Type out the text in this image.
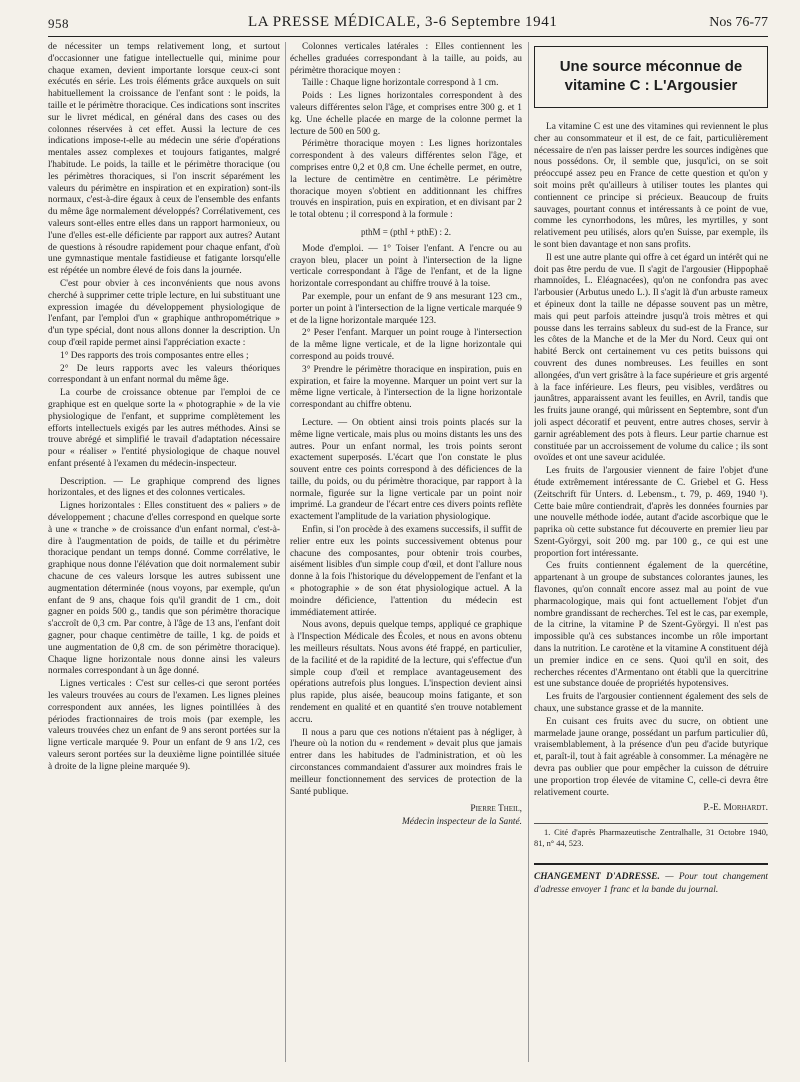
958	LA PRESSE MÉDICALE, 3-6 Septembre 1941	Nos 76-77

de nécessiter un temps relativement long, et surtout d'occasionner une fatigue intellectuelle qui, minime pour chaque examen, devient importante lorsque ceux-ci sont exécutés en série. Les trois éléments grâce auxquels on suit habituellement la croissance de l'enfant sont : le poids, la taille et le périmètre thoracique. Ces indications sont inscrites sur le livret médical, en général dans des cases ou des colonnes réservées à cet effet. Aussi la lecture de ces indications impose-t-elle au médecin une série d'opérations mentales assez complexes et toujours fatigantes, malgré l'habitude. Le poids, la taille et le périmètre thoracique (ou les périmètres thoraciques, si l'on inscrit séparément les valeurs du périmètre en inspiration et en expiration) sont-ils normaux, c'est-à-dire égaux à ceux de l'ensemble des enfants du même âge normalement développés? Corrélativement, ces valeurs sont-elles entre elles dans un rapport harmonieux, ou l'une d'elles est-elle déficiente par rapport aux autres? Autant de questions à résoudre rapidement pour chaque enfant, d'où une gymnastique mentale fastidieuse et fatigante lorsqu'elle est répétée un nombre élevé de fois dans la journée.

C'est pour obvier à ces inconvénients que nous avons cherché à supprimer cette triple lecture, en lui substituant une expression imagée du développement physiologique de l'enfant, par l'emploi d'un « graphique anthropométrique » d'un type spécial, dont nous allons donner la description. Un coup d'œil rapide permet ainsi l'appréciation exacte :

1° Des rapports des trois composantes entre elles ;

2° De leurs rapports avec les valeurs théoriques correspondant à un enfant normal du même âge.

La courbe de croissance obtenue par l'emploi de ce graphique est en quelque sorte la « photographie » de la vie physiologique de l'enfant, et supprime complètement les efforts intellectuels exigés par les autres méthodes. Ainsi se trouve abrégé et simplifié le travail d'adaptation nécessaire pour « réaliser » l'entité physiologique de chaque nouvel enfant présenté à l'examen du médecin-inspecteur.

Description. — Le graphique comprend des lignes horizontales, et des lignes et des colonnes verticales.

Lignes horizontales : Elles constituent des « paliers » de développement ; chacune d'elles correspond en quelque sorte à une « tranche » de croissance d'un enfant normal, c'est-à-dire à l'augmentation de poids, de taille et du périmètre thoracique pendant un temps donné. Comme corrélative, le graphique nous donne l'élévation que doit normalement subir chacune de ces valeurs lorsque les autres subissent une augmentation déterminée (nous voyons, par exemple, qu'un enfant de 9 ans, chaque fois qu'il grandit de 1 cm., doit gagner en poids 500 g., tandis que son périmètre thoracique s'accroît de 0,3 cm. Par contre, à l'âge de 13 ans, l'enfant doit gagner, pour chaque centimètre de taille, 1 kg. de poids et une augmentation de 0,8 cm. de son périmètre thoracique). Chaque ligne horizontale nous donne ainsi les valeurs normales correspondant à un âge donné.

Lignes verticales : C'est sur celles-ci que seront portées les valeurs trouvées au cours de l'examen. Les lignes pleines correspondent aux années, les lignes pointillées à des périodes fractionnaires de trois mois (par exemple, les valeurs trouvées chez un enfant de 9 ans seront portées sur la ligne verticale marquée 9. Pour un enfant de 9 ans 1/2, ces valeurs seront portées sur la deuxième ligne pointillée située à droite de la ligne pleine marquée 9).

Colonnes verticales latérales : Elles contiennent les échelles graduées correspondant à la taille, au poids, au périmètre thoracique moyen :

Taille : Chaque ligne horizontale correspond à 1 cm.

Poids : Les lignes horizontales correspondent à des valeurs différentes selon l'âge, et comprises entre 300 g. et 1 kg. Une échelle placée en marge de la colonne permet la lecture de 500 en 500 g.

Périmètre thoracique moyen : Les lignes horizontales correspondent à des valeurs différentes selon l'âge, et comprises entre 0,2 et 0,8 cm. Une échelle permet, en outre, la lecture de centimètre en centimètre. Le périmètre thoracique moyen s'obtient en additionnant les chiffres trouvés en inspiration, puis en expiration, et en divisant par 2 le total obtenu ; il correspond à la formule :

pthM = (pthI + pthE) : 2.

Mode d'emploi. — 1° Toiser l'enfant. A l'encre ou au crayon bleu, placer un point à l'intersection de la ligne verticale correspondant à l'âge de l'enfant, et de la ligne horizontale correspondant au chiffre trouvé à la toise.

Par exemple, pour un enfant de 9 ans mesurant 123 cm., porter un point à l'intersection de la ligne verticale marquée 9 et de la ligne horizontale marquée 123.

2° Peser l'enfant. Marquer un point rouge à l'intersection de la même ligne verticale, et de la ligne horizontale qui correspond au poids trouvé.

3° Prendre le périmètre thoracique en inspiration, puis en expiration, et faire la moyenne. Marquer un point vert sur la même ligne verticale, à l'intersection de la ligne horizontale correspondant au chiffre obtenu.

Lecture. — On obtient ainsi trois points placés sur la même ligne verticale, mais plus ou moins distants les uns des autres. Pour un enfant normal, les trois points seront exactement superposés. L'écart que l'on constate le plus souvent entre ces points correspond à des déficiences de la taille, du poids, ou du périmètre thoracique, par rapport à la normale, figurée sur la ligne verticale par un point noir imprimé. La grandeur de l'écart entre ces divers points reflète exactement l'amplitude de la variation physiologique.

Enfin, si l'on procède à des examens successifs, il suffit de relier entre eux les points successivement obtenus pour chacune des composantes, pour obtenir trois courbes, aisément lisibles d'un simple coup d'œil, et dont l'allure nous donne à la fois l'historique du développement de l'enfant et la « photographie » de son état physiologique actuel. A la moindre déficience, l'attention du médecin est immédiatement attirée.

Nous avons, depuis quelque temps, appliqué ce graphique à l'Inspection Médicale des Écoles, et nous en avons obtenu les meilleurs résultats. Nous avons été frappé, en particulier, de la facilité et de la rapidité de la lecture, qui s'effectue d'un simple coup d'œil et remplace avantageusement des opérations autrefois plus longues. L'inspection devient ainsi plus rapide, plus aisée, beaucoup moins fatigante, et son rendement en qualité et en quantité s'en trouve notablement accru.

Il nous a paru que ces notions n'étaient pas à négliger, à l'heure où la notion du « rendement » devait plus que jamais entrer dans les habitudes de l'administration, et où les circonstances commandaient d'assurer aux moindres frais le meilleur fonctionnement des services de protection de la Santé publique.

Pierre Theil,

Médecin inspecteur de la Santé.

Une source méconnue de vitamine C : L'Argousier

La vitamine C est une des vitamines qui reviennent le plus cher au consommateur et il est, de ce fait, particulièrement nécessaire de n'en pas laisser perdre les sources indigènes que nous possédons. Or, il semble que, jusqu'ici, on se soit préoccupé assez peu en France de cette question et qu'on y soit moins prêt qu'ailleurs à utiliser toutes les plantes qui contiennent ce principe si précieux. Beaucoup de fruits sauvages, pourtant connus et intéressants à ce point de vue, comme les cynorrhodons, les mûres, les myrtilles, y sont relativement peu utilisés, alors qu'en Suisse, par exemple, ils le sont bien davantage et non sans profits.

Il est une autre plante qui offre à cet égard un intérêt qui ne doit pas être perdu de vue. Il s'agit de l'argousier (Hippophaë rhamnoïdes, L. Eléagnacées), qu'on ne confondra pas avec l'arbousier (Arbutus unedo L.). Il s'agit là d'un arbuste rameux et épineux dont la taille ne dépasse souvent pas un mètre, mais qui peut parfois atteindre jusqu'à trois mètres et qui pousse dans les terrains sableux du sud-est de la France, sur les côtes de la Manche et de la Mer du Nord. Ceux qui ont habité Berck ont certainement vu ces petits buissons qui couvrent des dunes nombreuses. Les feuilles en sont allongées, d'un vert grisâtre à la face supérieure et gris argenté à la face inférieure. Les fleurs, peu visibles, verdâtres ou jaunâtres, apparaissent avant les feuilles, en Avril, tandis que les fruits jaune orangé, qui mûrissent en Septembre, sont d'un joli aspect décoratif et peuvent, entre autres choses, servir à garnir agréablement des pots à fleurs. Leur partie charnue est constituée par un accroissement de volume du calice ; ils sont ovoïdes et ont une saveur acidulée.

Les fruits de l'argousier viennent de faire l'objet d'une étude extrêmement intéressante de C. Griebel et G. Hess (Zeitschrift für Unters. d. Lebensm., t. 79, p. 469, 1940 ¹). Cette baie mûre contiendrait, d'après les données fournies par une nouvelle méthode iodée, autant d'acide ascorbique que le paprika où cette substance fut découverte en premier lieu par Szent-Györgyi, soit 200 mg. par 100 g., ce qui est une proportion fort intéressante.

Ces fruits contiennent également de la quercétine, appartenant à un groupe de substances colorantes jaunes, les flavones, qu'on connaît encore assez mal au point de vue pharmacologique, mais qui font actuellement l'objet d'un nombre grandissant de recherches. Tel est le cas, par exemple, de la citrine, la vitamine P de Szent-Györgyi. Il n'est pas impossible qu'à ces substances incombe un rôle important dans la nutrition. Le carotène et la vitamine A constituent déjà un premier indice en ce sens. Quoi qu'il en soit, des recherches récentes d'Armentano ont établi que la quercitrine est une substance douée de propriétés hypotensives.

Les fruits de l'argousier contiennent également des sels de chaux, une substance grasse et de la mannite.

En cuisant ces fruits avec du sucre, on obtient une marmelade jaune orange, possédant un parfum particulier dû, vraisemblablement, à la présence d'un peu d'acide butyrique et, paraît-il, tout à fait agréable à consommer. La ménagère ne devra pas oublier que pour empêcher la cuisson de détruire une proportion trop élevée de vitamine C, celle-ci devra être relativement courte.

P.-E. Morhardt.

1. Cité d'après Pharmazeutische Zentralhalle, 31 Octobre 1940, 81, n° 44, 523.

CHANGEMENT D'ADRESSE. — Pour tout changement d'adresse envoyer 1 franc et la bande du journal.
